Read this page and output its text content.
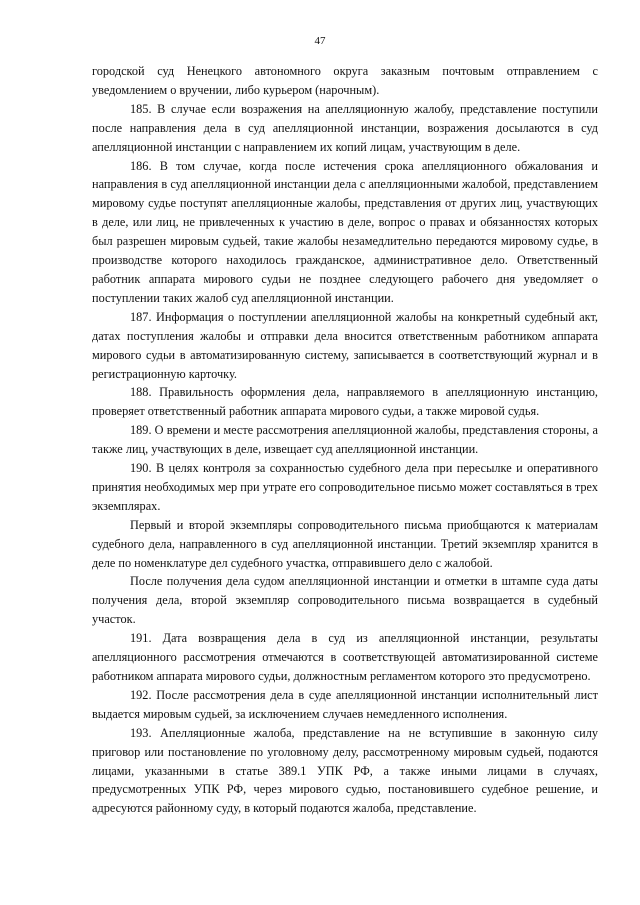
47

городской суд Ненецкого автономного округа заказным почтовым отправлением с уведомлением о вручении, либо курьером (нарочным).

185. В случае если возражения на апелляционную жалобу, представление поступили после направления дела в суд апелляционной инстанции, возражения досылаются в суд апелляционной инстанции с направлением их копий лицам, участвующим в деле.

186. В том случае, когда после истечения срока апелляционного обжалования и направления в суд апелляционной инстанции дела с апелляционными жалобой, представлением мировому судье поступят апелляционные жалобы, представления от других лиц, участвующих в деле, или лиц, не привлеченных к участию в деле, вопрос о правах и обязанностях которых был разрешен мировым судьей, такие жалобы незамедлительно передаются мировому судье, в производстве которого находилось гражданское, административное дело. Ответственный работник аппарата мирового судьи не позднее следующего рабочего дня уведомляет о поступлении таких жалоб суд апелляционной инстанции.

187. Информация о поступлении апелляционной жалобы на конкретный судебный акт, датах поступления жалобы и отправки дела вносится ответственным работником аппарата мирового судьи в автоматизированную систему, записывается в соответствующий журнал и в регистрационную карточку.

188. Правильность оформления дела, направляемого в апелляционную инстанцию, проверяет ответственный работник аппарата мирового судьи, а также мировой судья.

189. О времени и месте рассмотрения апелляционной жалобы, представления стороны, а также лиц, участвующих в деле, извещает суд апелляционной инстанции.

190. В целях контроля за сохранностью судебного дела при пересылке и оперативного принятия необходимых мер при утрате его сопроводительное письмо может составляться в трех экземплярах.

Первый и второй экземпляры сопроводительного письма приобщаются к материалам судебного дела, направленного в суд апелляционной инстанции. Третий экземпляр хранится в деле по номенклатуре дел судебного участка, отправившего дело с жалобой.

После получения дела судом апелляционной инстанции и отметки в штампе суда даты получения дела, второй экземпляр сопроводительного письма возвращается в судебный участок.

191. Дата возвращения дела в суд из апелляционной инстанции, результаты апелляционного рассмотрения отмечаются в соответствующей автоматизированной системе работником аппарата мирового судьи, должностным регламентом которого это предусмотрено.

192. После рассмотрения дела в суде апелляционной инстанции исполнительный лист выдается мировым судьей, за исключением случаев немедленного исполнения.

193. Апелляционные жалоба, представление на не вступившие в законную силу приговор или постановление по уголовному делу, рассмотренному мировым судьей, подаются лицами, указанными в статье 389.1 УПК РФ, а также иными лицами в случаях, предусмотренных УПК РФ, через мирового судью, постановившего судебное решение, и адресуются районному суду, в который подаются жалоба, представление.
